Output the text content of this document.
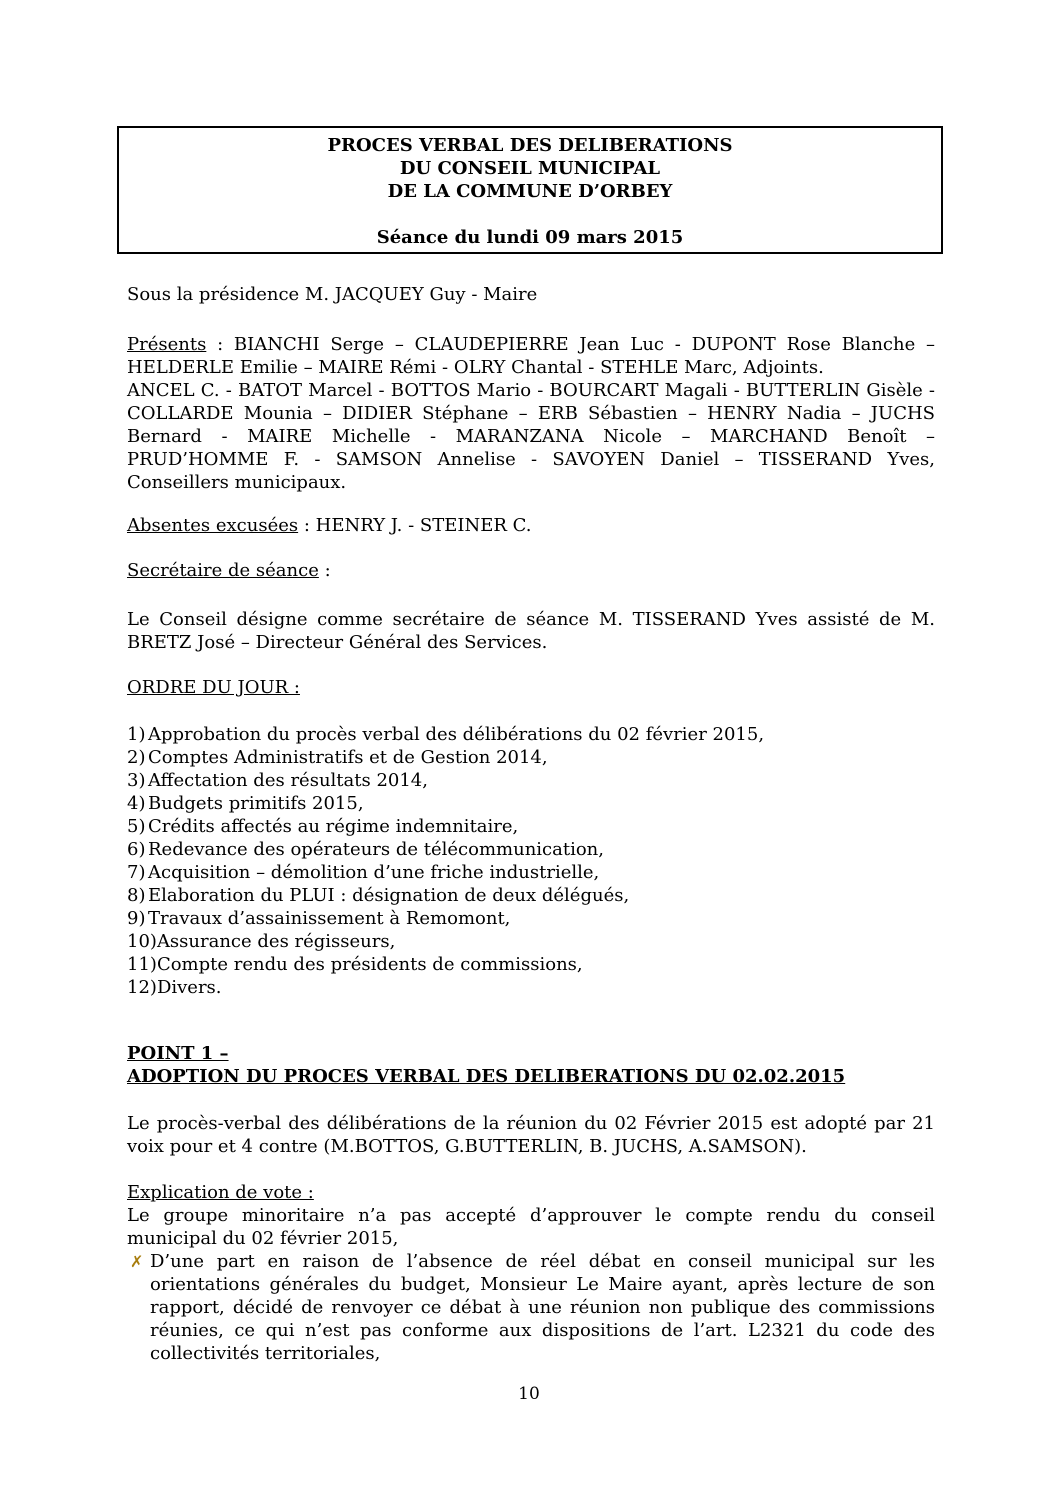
PROCES VERBAL DES DELIBERATIONS
DU CONSEIL MUNICIPAL
DE LA COMMUNE D’ORBEY
Séance du lundi 09 mars 2015

Sous la présidence M. JACQUEY Guy - Maire

Présents : BIANCHI Serge – CLAUDEPIERRE Jean Luc - DUPONT Rose Blanche – HELDERLE Emilie – MAIRE Rémi - OLRY Chantal - STEHLE Marc, Adjoints.
ANCEL C. - BATOT Marcel - BOTTOS Mario - BOURCART Magali - BUTTERLIN Gisèle - COLLARDE Mounia – DIDIER Stéphane – ERB Sébastien – HENRY Nadia – JUCHS Bernard - MAIRE Michelle - MARANZANA Nicole – MARCHAND Benoît – PRUD’HOMME F. - SAMSON Annelise - SAVOYEN Daniel – TISSERAND Yves, Conseillers municipaux.

Absentes excusées : HENRY J. - STEINER C.

Secrétaire de séance :

Le Conseil désigne comme secrétaire de séance M. TISSERAND Yves assisté de M. BRETZ José – Directeur Général des Services.

ORDRE DU JOUR :

1) Approbation du procès verbal des délibérations du 02 février 2015,
2) Comptes Administratifs et de Gestion 2014,
3) Affectation des résultats 2014,
4) Budgets primitifs 2015,
5) Crédits affectés au régime indemnitaire,
6) Redevance des opérateurs de télécommunication,
7) Acquisition – démolition d’une friche industrielle,
8) Elaboration du PLUI : désignation de deux délégués,
9) Travaux d’assainissement à Remomont,
10) Assurance des régisseurs,
11) Compte rendu des présidents de commissions,
12) Divers.

POINT 1 –
ADOPTION DU PROCES VERBAL DES DELIBERATIONS DU 02.02.2015

Le procès-verbal des délibérations de la réunion du 02 Février 2015 est adopté par 21 voix pour et 4 contre (M.BOTTOS, G.BUTTERLIN, B. JUCHS, A.SAMSON).

Explication de vote :

Le groupe minoritaire n’a pas accepté d’approuver le compte rendu du conseil municipal du 02 février 2015,

✗ D’une part en raison de l’absence de réel débat en conseil municipal sur les orientations générales du budget, Monsieur Le Maire ayant, après lecture de son rapport, décidé de renvoyer ce débat à une réunion non publique des commissions réunies, ce qui n’est pas conforme aux dispositions de l’art. L2321 du code des collectivités territoriales,
10
